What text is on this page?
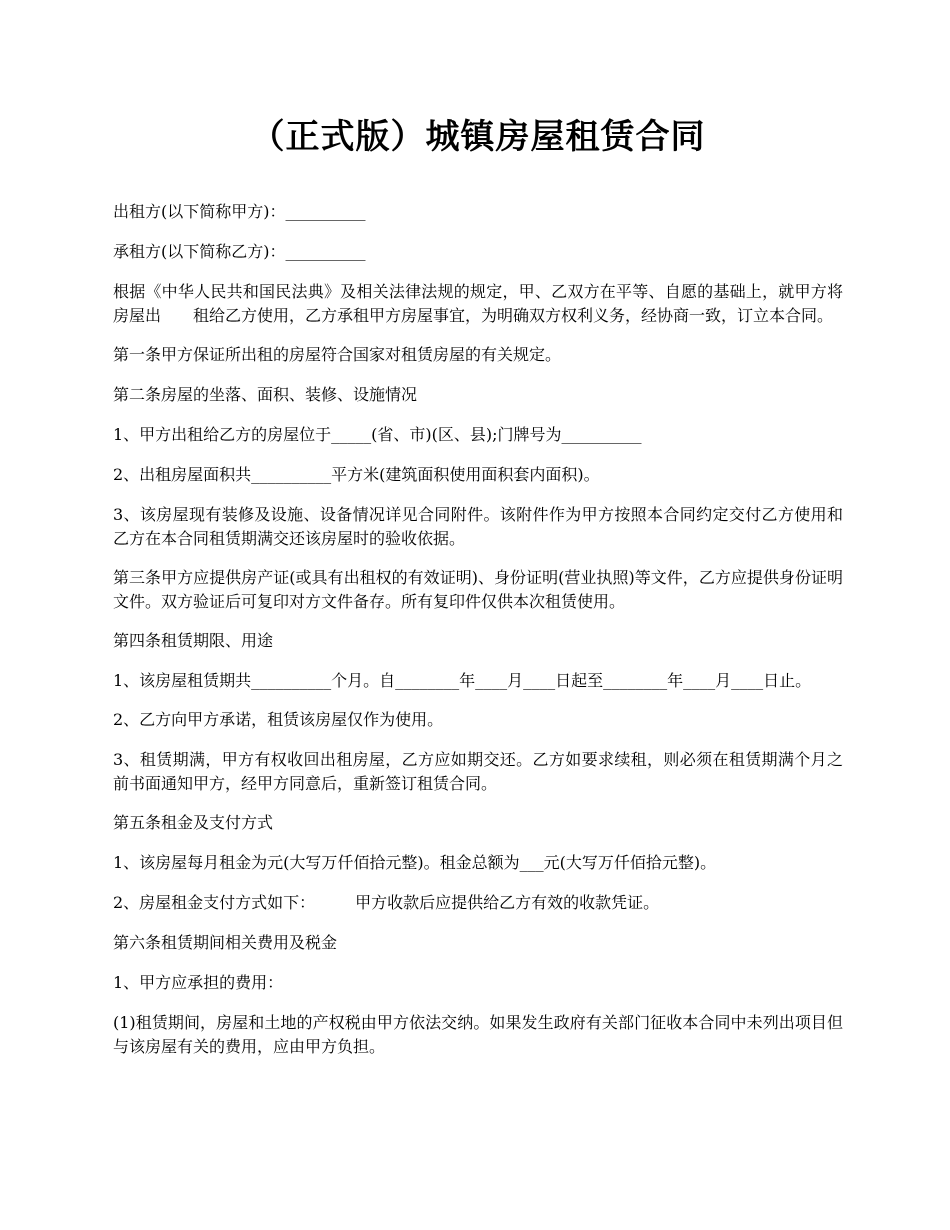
（正式版）城镇房屋租赁合同

出租方(以下简称甲方)：__________

承租方(以下简称乙方)：__________

根据《中华人民共和国民法典》及相关法律法规的规定，甲、乙双方在平等、自愿的基础上，就甲方将房屋出　　租给乙方使用，乙方承租甲方房屋事宜，为明确双方权利义务，经协商一致，订立本合同。

第一条甲方保证所出租的房屋符合国家对租赁房屋的有关规定。

第二条房屋的坐落、面积、装修、设施情况

1、甲方出租给乙方的房屋位于_____(省、市)(区、县);门牌号为__________

2、出租房屋面积共__________平方米(建筑面积使用面积套内面积)。

3、该房屋现有装修及设施、设备情况详见合同附件。该附件作为甲方按照本合同约定交付乙方使用和乙方在本合同租赁期满交还该房屋时的验收依据。

第三条甲方应提供房产证(或具有出租权的有效证明)、身份证明(营业执照)等文件，乙方应提供身份证明文件。双方验证后可复印对方文件备存。所有复印件仅供本次租赁使用。

第四条租赁期限、用途

1、该房屋租赁期共__________个月。自________年____月____日起至________年____月____日止。

2、乙方向甲方承诺，租赁该房屋仅作为使用。

3、租赁期满，甲方有权收回出租房屋，乙方应如期交还。乙方如要求续租，则必须在租赁期满个月之前书面通知甲方，经甲方同意后，重新签订租赁合同。

第五条租金及支付方式

1、该房屋每月租金为元(大写万仟佰拾元整)。租金总额为___元(大写万仟佰拾元整)。

2、房屋租金支付方式如下：　　　甲方收款后应提供给乙方有效的收款凭证。

第六条租赁期间相关费用及税金

1、甲方应承担的费用：

(1)租赁期间，房屋和土地的产权税由甲方依法交纳。如果发生政府有关部门征收本合同中未列出项目但与该房屋有关的费用，应由甲方负担。
